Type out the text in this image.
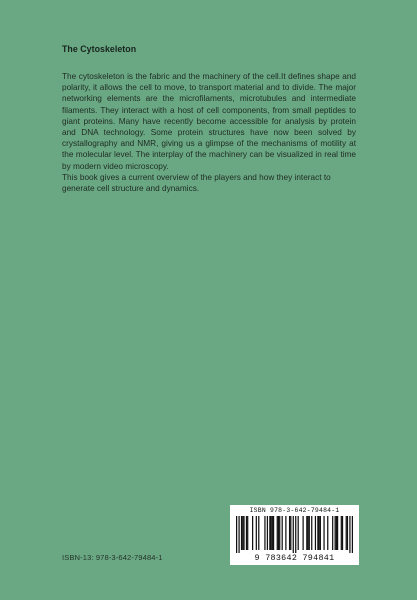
The Cytoskeleton

The cytoskeleton is the fabric and the machinery of the cell.It defines shape and polarity, it allows the cell to move, to transport material and to divide. The major networking elements are the microfilaments, microtubules and intermediate filaments. They interact with a host of cell components, from small peptides to giant proteins. Many have recently become accessible for analysis by protein and DNA technology. Some protein structures have now been solved by crystallography and NMR, giving us a glimpse of the mechanisms of motility at the molecular level. The interplay of the machinery can be visualized in real time by modern video microscopy.

This book gives a current overview of the players and how they interact to generate cell structure and dynamics.

ISBN 978-3-642-79484-1
9 783642 794841
ISBN-13: 978-3-642-79484-1
